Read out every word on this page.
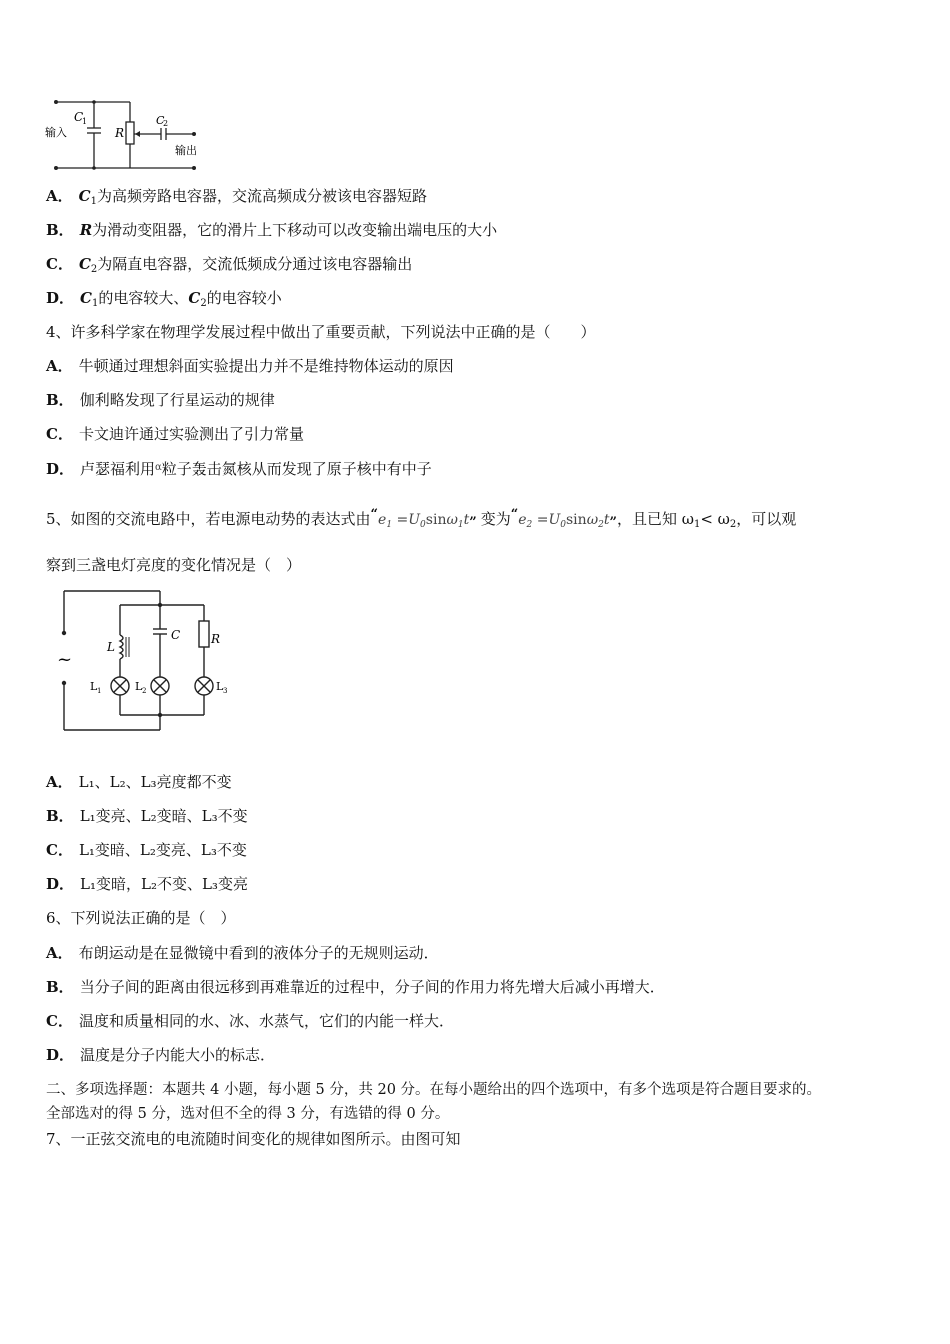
输入
C
1
R
C
2
输出
A． $C_1$为高频旁路电容器，交流高频成分被该电容器短路
B． R为滑动变阻器，它的滑片上下移动可以改变输出端电压的大小
C． $C_2$为隔直电容器，交流低频成分通过该电容器输出
D． $C_1$的电容较大、$C_2$的电容较小
4、许多科学家在物理学发展过程中做出了重要贡献，下列说法中正确的是（　　）
A． 牛顿通过理想斜面实验提出力并不是维持物体运动的原因
B． 伽利略发现了行星运动的规律
C． 卡文迪许通过实验测出了引力常量
D． 卢瑟福利用$^\alpha$粒子轰击氮核从而发现了原子核中有中子
5、如图的交流电路中，若电源电动势的表达式由“$e_1 =U_0\sin\omega_1t$” 变为“$e_2 =U_0\sin\omega_2t$”，且已知 $\omega_1< \omega_2$，可以观
察到三盏电灯亮度的变化情况是（　）
~
L
C	R
L 1	L 2	L 3
A． L₁、L₂、L₃亮度都不变
B． L₁变亮、L₂变暗、L₃不变
C． L₁变暗、L₂变亮、L₃不变
D． L₁变暗，L₂不变、L₃变亮
6、下列说法正确的是（　）
A． 布朗运动是在显微镜中看到的液体分子的无规则运动．
B． 当分子间的距离由很远移到再难靠近的过程中，分子间的作用力将先增大后减小再增大．
C． 温度和质量相同的水、冰、水蒸气，它们的内能一样大．
D． 温度是分子内能大小的标志．
二、多项选择题：本题共 4 小题，每小题 5 分，共 20 分。在每小题给出的四个选项中，有多个选项是符合题目要求的。
全部选对的得 5 分，选对但不全的得 3 分，有选错的得 0 分。
7、一正弦交流电的电流随时间变化的规律如图所示。由图可知
